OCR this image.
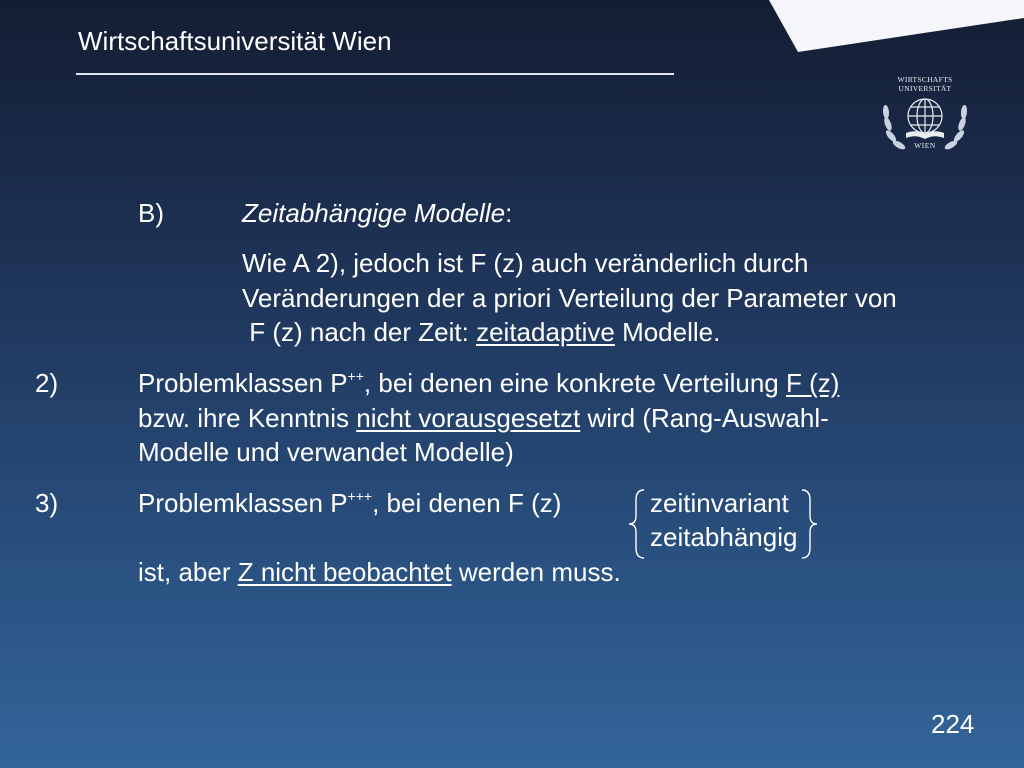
Wirtschaftsuniversität Wien
WIRTSCHAFTS
UNIVERSITÄT
WIEN
B)	Zeitabhängige Modelle:
Wie A 2), jedoch ist F (z) auch veränderlich durch
Veränderungen der a priori Verteilung der Parameter von
F (z) nach der Zeit: zeitadaptive Modelle.
2)	Problemklassen P++, bei denen eine konkrete Verteilung F (z)
bzw. ihre Kenntnis nicht vorausgesetzt wird (Rang-Auswahl-
Modelle und verwandet Modelle)
3)	Problemklassen P+++, bei denen F (z)	zeitinvariant
zeitabhängig
ist, aber Z nicht beobachtet werden muss.
224
